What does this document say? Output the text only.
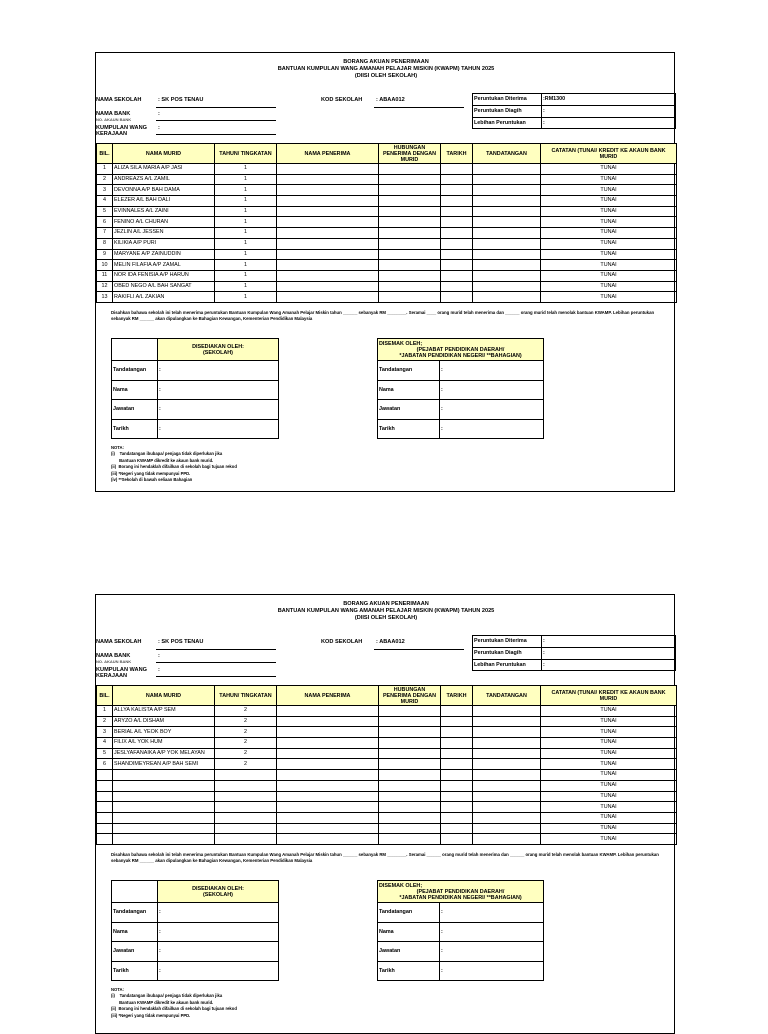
BORANG AKUAN PENERIMAAN
BANTUAN KUMPULAN WANG AMANAH PELAJAR MISKIN (KWAPM) TAHUN 2025
(DIISI OLEH SEKOLAH)
NAMA SEKOLAH	: SK POS TENAU	KOD SEKOLAH : ABAA012
NAMA BANK	:
NO. AKAUN BANK
KUMPULAN WANG
KERAJAAN
:
Peruntukan Diterima	:RM1300
Peruntukan Diagih	:
Lebihan Peruntukan	:
BIL.	NAMA MURID	TAHUN/ TINGKATAN	NAMA PENERIMA	HUBUNGAN PENERIMA DENGAN MURID	TARIKH	TANDATANGAN	CATATAN (TUNAI/ KREDIT KE AKAUN BANK MURID
1	ALIZA SILA MARIA A/P JASI	1					TUNAI
2	ANDREAZS A/L ZAMIL	1					TUNAI
3	DEVONNA A/P BAH DAMA	1					TUNAI
4	ELEZER A/L BAH DALI	1					TUNAI
5	EVINNALES A/L ZAINI	1					TUNAI
6	FENINO A/L CHURAN	1					TUNAI
7	JEZLIN A/L JESSEN	1					TUNAI
8	KILIKIA A/P PURI	1					TUNAI
9	MARYANE A/P ZAINUDDIN	1					TUNAI
10	MELIN FILAFIA A/P ZAMAL	1					TUNAI
11	NOR IDA FENISIA A/P HARUN	1					TUNAI
12	OBED NEGO A/L BAH SANGAT	1					TUNAI
13	RAKIFLI A/L ZAKIAN	1					TUNAI
Disahkan bahawa sekolah ini telah menerima peruntukan Bantuan Kumpulan Wang Amanah Pelajar Miskin tahun ______ sebanyak RM ________. Seramai ____ orang murid telah menerima dan ______ orang murid telah menolak bantuan KWAMP. Lebihan peruntukan sebanyak RM ______ akan dipulangkan ke Bahagian Kewangan, Kementerian Pendidikan Malaysia

	DISEDIAKAN OLEH:
(SEKOLAH)

Tandatangan	:
Nama	:
Jawatan	:
Tarikh	:
DISEMAK OLEH;
(PEJABAT PENDIDIKAN DAERAH/
*JABATAN PENDIDIKAN NEGERI/ **BAHAGIAN)	

Tandatangan	:
Nama	:
Jawatan	:
Tarikh	:
NOTA:
(i)    Tandatangan ibubapa/ penjaga tidak diperlukan jika
Bantuan KWAMP dikredit ke akaun bank murid.
(ii)  Borang ini hendaklah difailkan di sekolah bagi tujuan rekod
(iii) *Negeri yang tidak mempunyai PPD.
(iv) **Sekolah di bawah seliaan Bahagian
BORANG AKUAN PENERIMAAN
BANTUAN KUMPULAN WANG AMANAH PELAJAR MISKIN (KWAPM) TAHUN 2025
(DIISI OLEH SEKOLAH)
NAMA SEKOLAH	: SK POS TENAU	KOD SEKOLAH : ABAA012
NAMA BANK	:
NO. AKAUN BANK
KUMPULAN WANG
KERAJAAN
:
Peruntukan Diterima	:
Peruntukan Diagih	:
Lebihan Peruntukan	:
BIL.	NAMA MURID	TAHUN/ TINGKATAN	NAMA PENERIMA	HUBUNGAN PENERIMA DENGAN MURID	TARIKH	TANDATANGAN	CATATAN (TUNAI/ KREDIT KE AKAUN BANK MURID
1	ALLYA KALISTA A/P SEM	2					TUNAI
2	ARYZO A/L DISHAM	2					TUNAI
3	BERIAL A/L YEOK BOY	2					TUNAI
4	FILIX A/L YOK HUM	2					TUNAI
5	JESLYAFANAIKA A/P YOK MELAYAN	2					TUNAI
6	SHANDIMEYREAN A/P BAH SEMI	2					TUNAI
							TUNAI
							TUNAI
							TUNAI
							TUNAI
							TUNAI
							TUNAI
							TUNAI
Disahkan bahawa sekolah ini telah menerima peruntukan Bantuan Kumpulan Wang Amanah Pelajar Miskin tahun ______ sebanyak RM ________. Seramai ______ orang murid telah menerima dan ______ orang murid telah menolak bantuan KWAMP. Lebihan peruntukan sebanyak RM ______ akan dipulangkan ke Bahagian Kewangan, Kementerian Pendidikan Malaysia

	DISEDIAKAN OLEH:
(SEKOLAH)

Tandatangan	:
Nama	:
Jawatan	:
Tarikh	:
DISEMAK OLEH;
(PEJABAT PENDIDIKAN DAERAH/
*JABATAN PENDIDIKAN NEGERI/ **BAHAGIAN)	

Tandatangan	:
Nama	:
Jawatan	:
Tarikh	:
NOTA:
(i)    Tandatangan ibubapa/ penjaga tidak diperlukan jika
Bantuan KWAMP dikredit ke akaun bank murid.
(ii)  Borang ini hendaklah difailkan di sekolah bagi tujuan rekod
(iii) *Negeri yang tidak mempunyai PPD.
